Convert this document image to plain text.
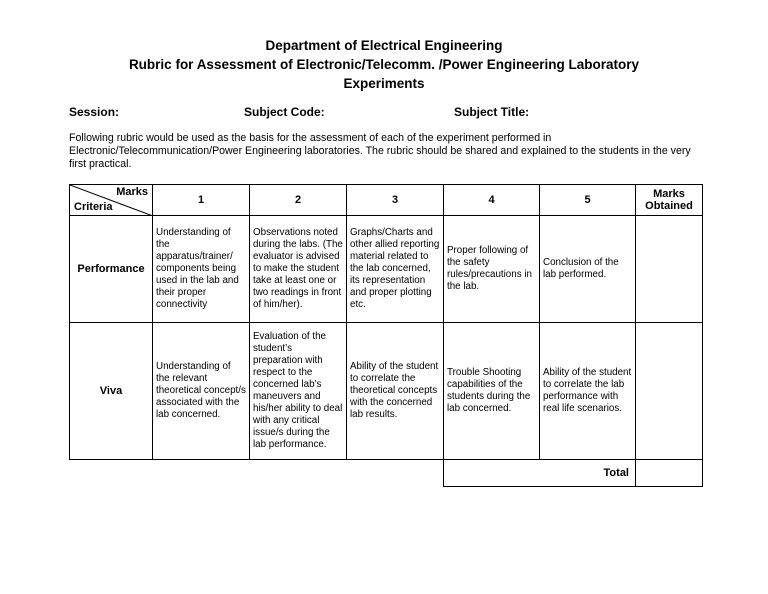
Department of Electrical Engineering
Rubric for Assessment of Electronic/Telecomm. /Power Engineering Laboratory
Experiments
Session:	Subject Code:	Subject Title:
Following rubric would be used as the basis for the assessment of each of the experiment performed in Electronic/Telecommunication/Power Engineering laboratories. The rubric should be shared and explained to the students in the very first practical.
Marks
Criteria	1	2	3	4	5	Marks Obtained
Performance	Understanding of the apparatus/trainer/ components being used in the lab and their proper connectivity	Observations noted during the labs. (The evaluator is advised to make the student take at least one or two readings in front of him/her).	Graphs/Charts and other allied reporting material related to the lab concerned, its representation and proper plotting etc.	Proper following of the safety rules/precautions in the lab.	Conclusion of the lab performed.	
Viva	Understanding of the relevant theoretical concept/s associated with the lab concerned.	Evaluation of the student’s preparation with respect to the concerned lab’s maneuvers and his/her ability to deal with any critical issue/s during the lab performance.	Ability of the student to correlate the theoretical concepts with the concerned lab results.	Trouble Shooting capabilities of the students during the lab concerned.	Ability of the student to correlate the lab performance with real life scenarios.	
				Total		
